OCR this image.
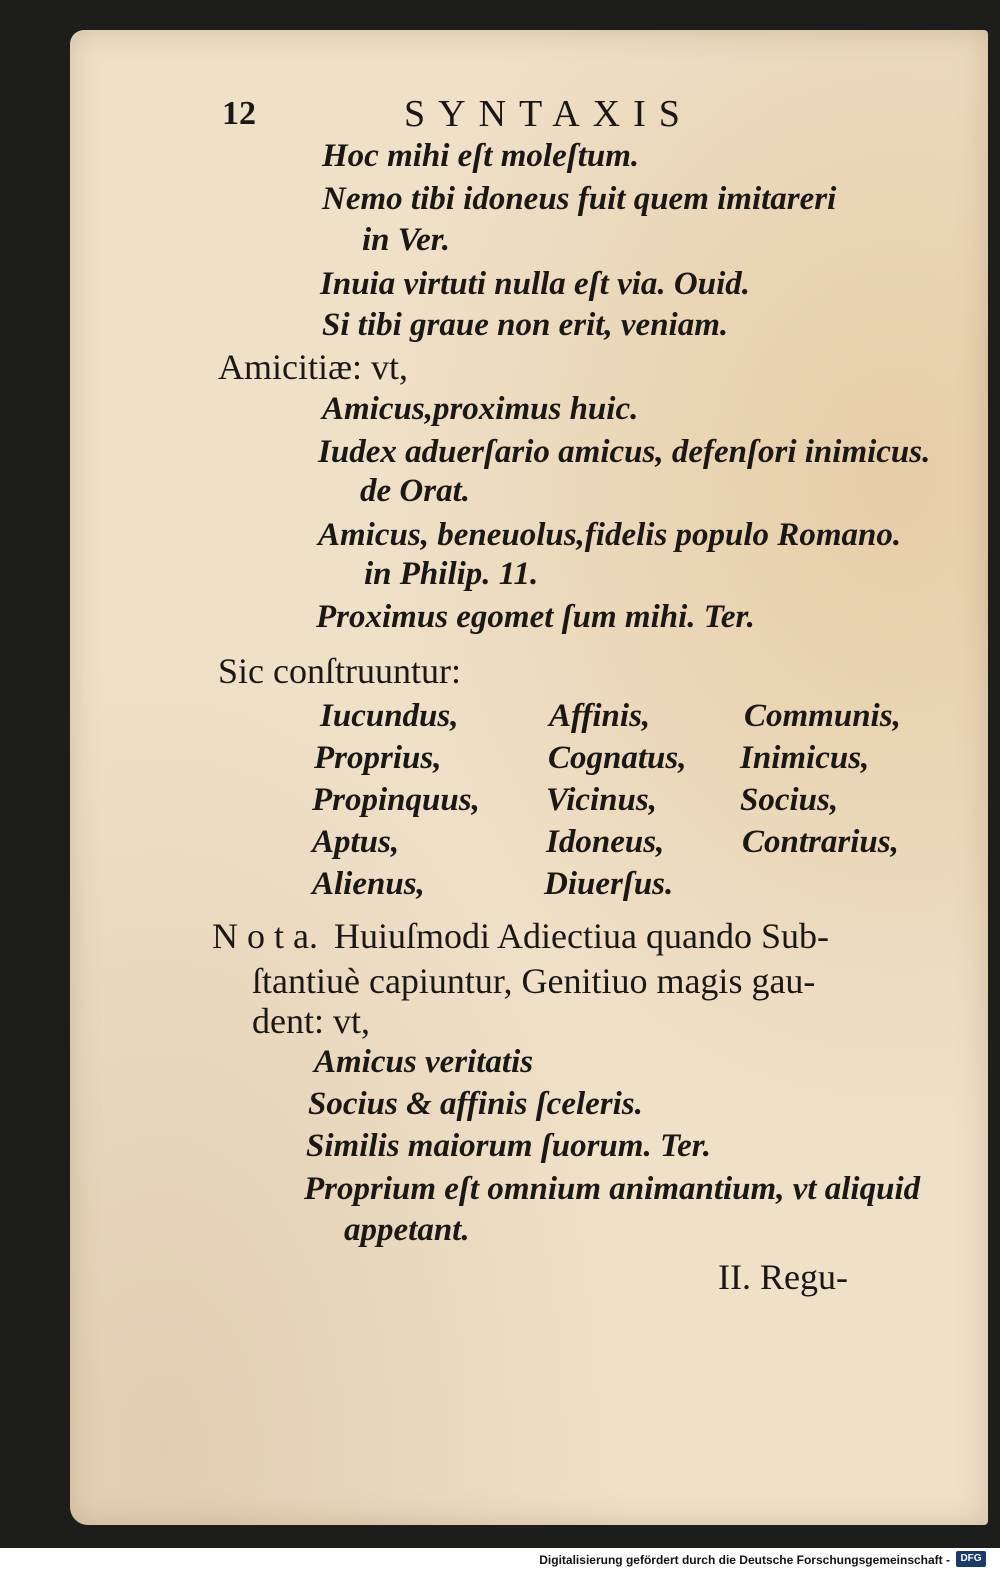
12	SYNTAXIS
Hoc mihi eſt moleſtum.
Nemo tibi idoneus fuit quem imitareri
in Ver.
Inuia virtuti nulla eſt via. Ouid.
Si tibi graue non erit, veniam.
Amicitiæ: vt,
Amicus,proximus huic.
Iudex aduerſario amicus, defenſori inimicus.
de Orat.
Amicus, beneuolus,fidelis populo Romano.
in Philip. 11.
Proximus egomet ſum mihi. Ter.
Sic conſtruuntur:
Iucundus,
Proprius,
Propinquus,
Aptus,
Alienus,
Affinis,
Cognatus,
Vicinus,
Idoneus,
Diuerſus.
Communis,
Inimicus,
Socius,
Contrarius,
N o t a. Huiuſmodi Adiectiua quando Sub-
ſtantiuè capiuntur, Genitiuo magis gau-
dent: vt,
Amicus veritatis
Socius & affinis ſceleris.
Similis maiorum ſuorum. Ter.
Proprium eſt omnium animantium, vt aliquid
appetant.
II. Regu-
Digitalisierung gefördert durch die Deutsche Forschungsgemeinschaft -	DFG
